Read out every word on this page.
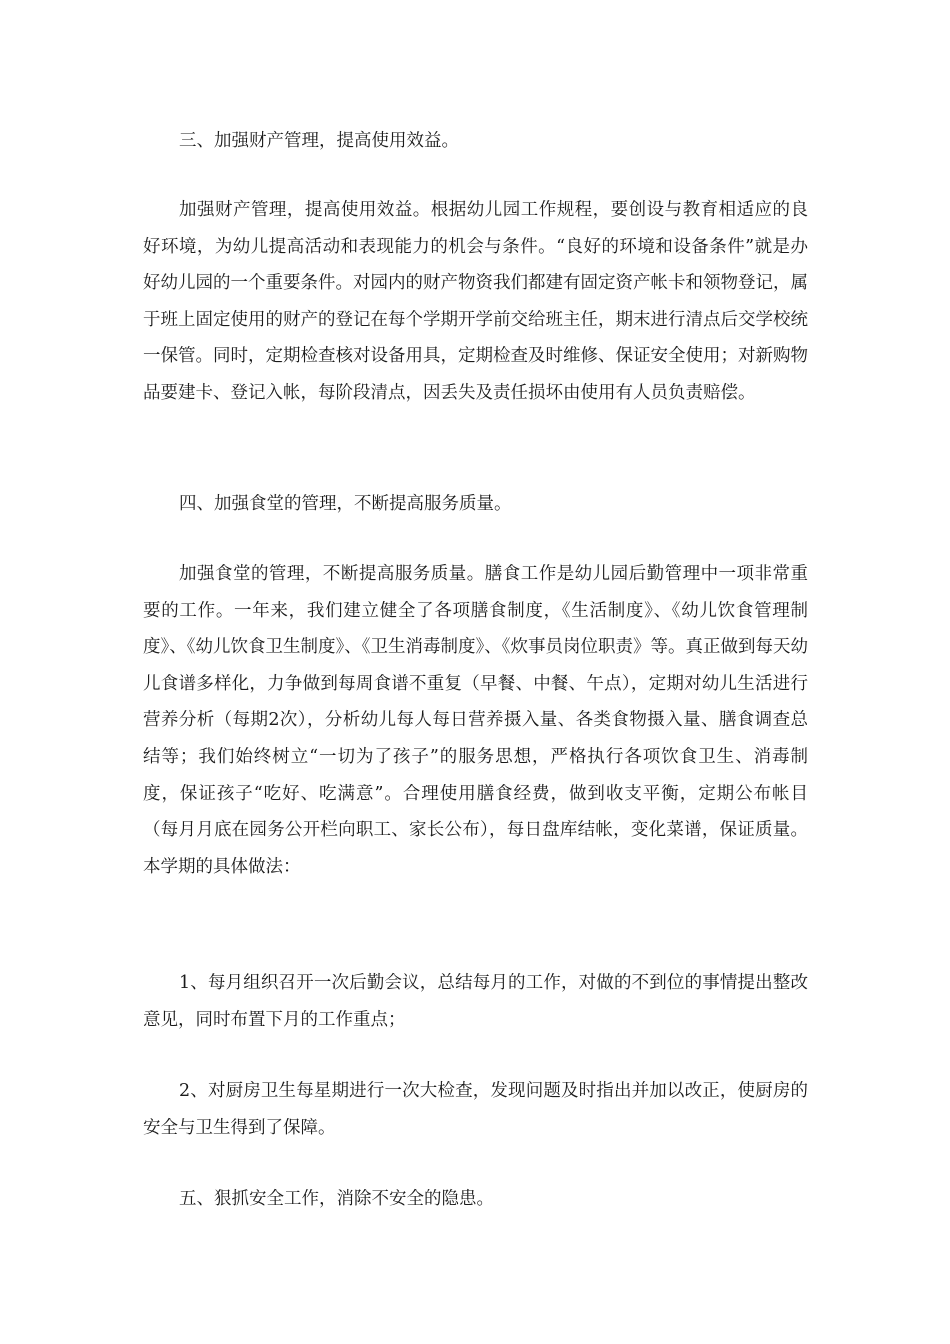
三、加强财产管理，提高使用效益。

加强财产管理，提高使用效益。根据幼儿园工作规程，要创设与教育相适应的良好环境，为幼儿提高活动和表现能力的机会与条件。“良好的环境和设备条件”就是办好幼儿园的一个重要条件。对园内的财产物资我们都建有固定资产帐卡和领物登记，属于班上固定使用的财产的登记在每个学期开学前交给班主任，期末进行清点后交学校统一保管。同时，定期检查核对设备用具，定期检查及时维修、保证安全使用；对新购物品要建卡、登记入帐，每阶段清点，因丢失及责任损坏由使用有人员负责赔偿。

四、加强食堂的管理，不断提高服务质量。

加强食堂的管理，不断提高服务质量。膳食工作是幼儿园后勤管理中一项非常重要的工作。一年来，我们建立健全了各项膳食制度，《生活制度》、《幼儿饮食管理制度》、《幼儿饮食卫生制度》、《卫生消毒制度》、《炊事员岗位职责》等。真正做到每天幼儿食谱多样化，力争做到每周食谱不重复（早餐、中餐、午点），定期对幼儿生活进行营养分析（每期2次），分析幼儿每人每日营养摄入量、各类食物摄入量、膳食调查总结等；我们始终树立“一切为了孩子”的服务思想，严格执行各项饮食卫生、消毒制度，保证孩子“吃好、吃满意”。合理使用膳食经费，做到收支平衡，定期公布帐目（每月月底在园务公开栏向职工、家长公布），每日盘库结帐，变化菜谱，保证质量。本学期的具体做法：

1、每月组织召开一次后勤会议，总结每月的工作，对做的不到位的事情提出整改意见，同时布置下月的工作重点；

2、对厨房卫生每星期进行一次大检查，发现问题及时指出并加以改正，使厨房的安全与卫生得到了保障。

五、狠抓安全工作，消除不安全的隐患。
